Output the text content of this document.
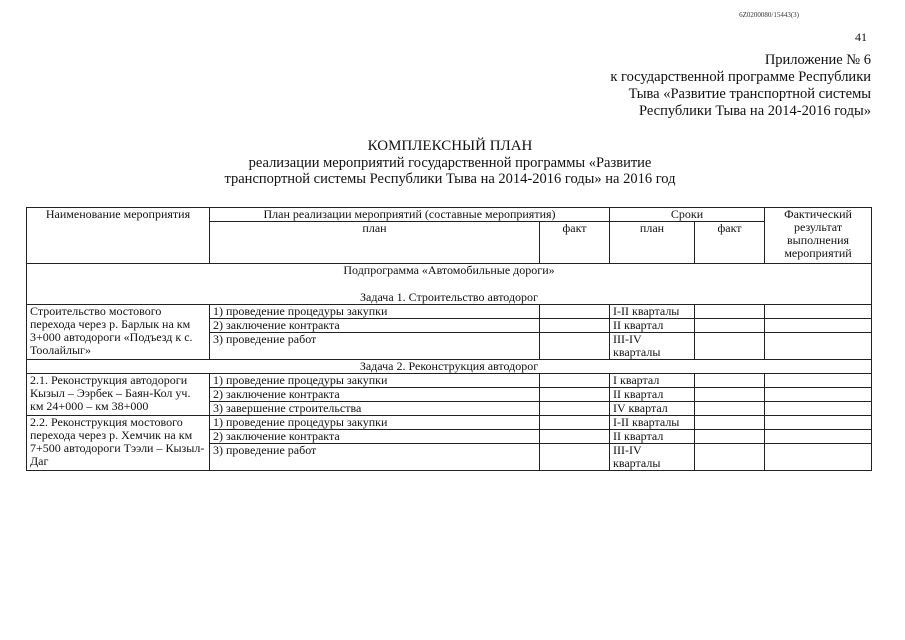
6Z0200080/15443(3)
41
Приложение № 6
к государственной программе Республики
Тыва «Развитие транспортной системы
Республики Тыва на 2014-2016 годы»
КОМПЛЕКСНЫЙ ПЛАН
реализации мероприятий государственной программы «Развитие
транспортной системы Республики Тыва на 2014-2016 годы» на 2016 год
Наименование мероприятия	План реализации мероприятий (составные мероприятия)		Сроки		Фактический результат выполнения мероприятий
	план	факт	план	факт	

Подпрограмма «Автомобильные дороги»
Задача 1. Строительство автодорог					

Строительство мостового перехода через р. Барлык на км 3+000 автодороги «Подъезд к с. Тоолайлыг»	1) проведение процедуры закупки		I-II кварталы		
	2) заключение контракта		II квартал		
	3) проведение работ		III-IV кварталы		
Задача 2. Реконструкция автодорог					
2.1. Реконструкция автодороги Кызыл – Ээрбек – Баян-Кол уч. км 24+000 – км 38+000	1) проведение процедуры закупки		I квартал		
	2) заключение контракта		II квартал		
	3) завершение строительства		IV квартал		
2.2. Реконструкция мостового перехода через р. Хемчик на км 7+500 автодороги Тээли – Кызыл-Даг	1) проведение процедуры закупки		I-II кварталы		
	2) заключение контракта		II квартал		
	3) проведение работ		III-IV кварталы		
